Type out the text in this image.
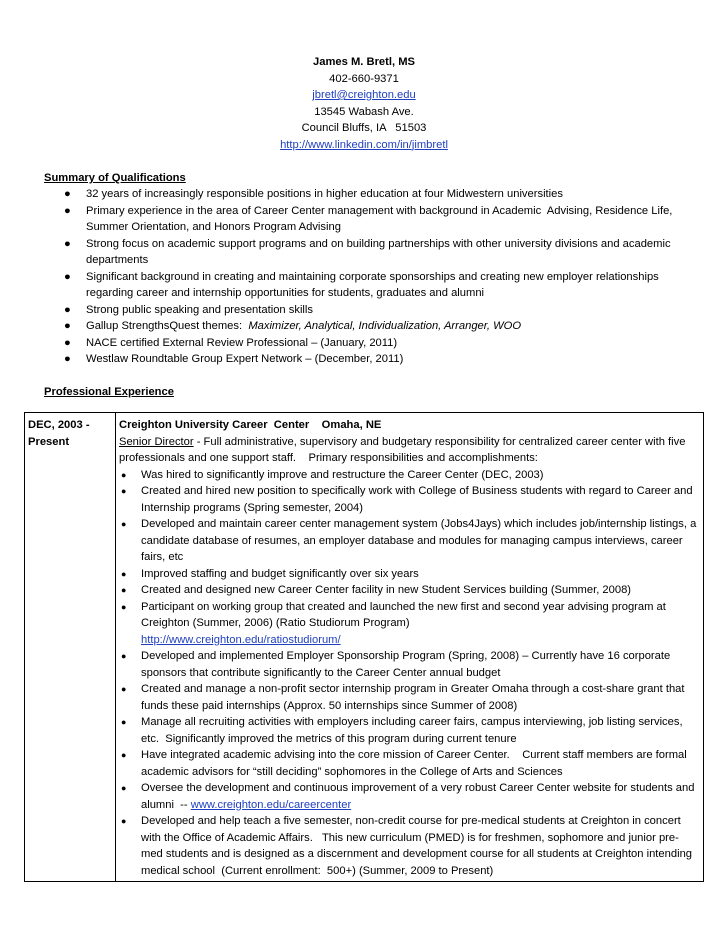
James M. Bretl, MS
402-660-9371
jbretl@creighton.edu
13545 Wabash Ave.
Council Bluffs, IA   51503
http://www.linkedin.com/in/jimbretl
Summary of Qualifications
● 32 years of increasingly responsible positions in higher education at four Midwestern universities
● Primary experience in the area of Career Center management with background in Academic  Advising, Residence Life, Summer Orientation, and Honors Program Advising
● Strong focus on academic support programs and on building partnerships with other university divisions and academic departments
● Significant background in creating and maintaining corporate sponsorships and creating new employer relationships regarding career and internship opportunities for students, graduates and alumni
● Strong public speaking and presentation skills
● Gallup StrengthsQuest themes:  Maximizer, Analytical, Individualization, Arranger, WOO
● NACE certified External Review Professional – (January, 2011)
● Westlaw Roundtable Group Expert Network – (December, 2011)
Professional Experience
DEC, 2003 - Present	
Creighton University Career  Center    Omaha, NE
Senior Director - Full administrative, supervisory and budgetary responsibility for centralized career center with five professionals and one support staff.    Primary responsibilities and accomplishments:
● Was hired to significantly improve and restructure the Career Center (DEC, 2003)
● Created and hired new position to specifically work with College of Business students with regard to Career and Internship programs (Spring semester, 2004)
● Developed and maintain career center management system (Jobs4Jays) which includes job/internship listings, a candidate database of resumes, an employer database and modules for managing campus interviews, career fairs, etc
● Improved staffing and budget significantly over six years
● Created and designed new Career Center facility in new Student Services building (Summer, 2008)
● Participant on working group that created and launched the new first and second year advising program at Creighton (Summer, 2006) (Ratio Studiorum Program)
http://www.creighton.edu/ratiostudiorum/
● Developed and implemented Employer Sponsorship Program (Spring, 2008) – Currently have 16 corporate sponsors that contribute significantly to the Career Center annual budget
● Created and manage a non-profit sector internship program in Greater Omaha through a cost-share grant that funds these paid internships (Approx. 50 internships since Summer of 2008)
● Manage all recruiting activities with employers including career fairs, campus interviewing, job listing services, etc.  Significantly improved the metrics of this program during current tenure
● Have integrated academic advising into the core mission of Career Center.    Current staff members are formal academic advisors for “still deciding” sophomores in the College of Arts and Sciences
● Oversee the development and continuous improvement of a very robust Career Center website for students and alumni  -- www.creighton.edu/careercenter
● Developed and help teach a five semester, non-credit course for pre-medical students at Creighton in concert with the Office of Academic Affairs.   This new curriculum (PMED) is for freshmen, sophomore and junior pre-med students and is designed as a discernment and development course for all students at Creighton intending medical school  (Current enrollment:  500+) (Summer, 2009 to Present)
